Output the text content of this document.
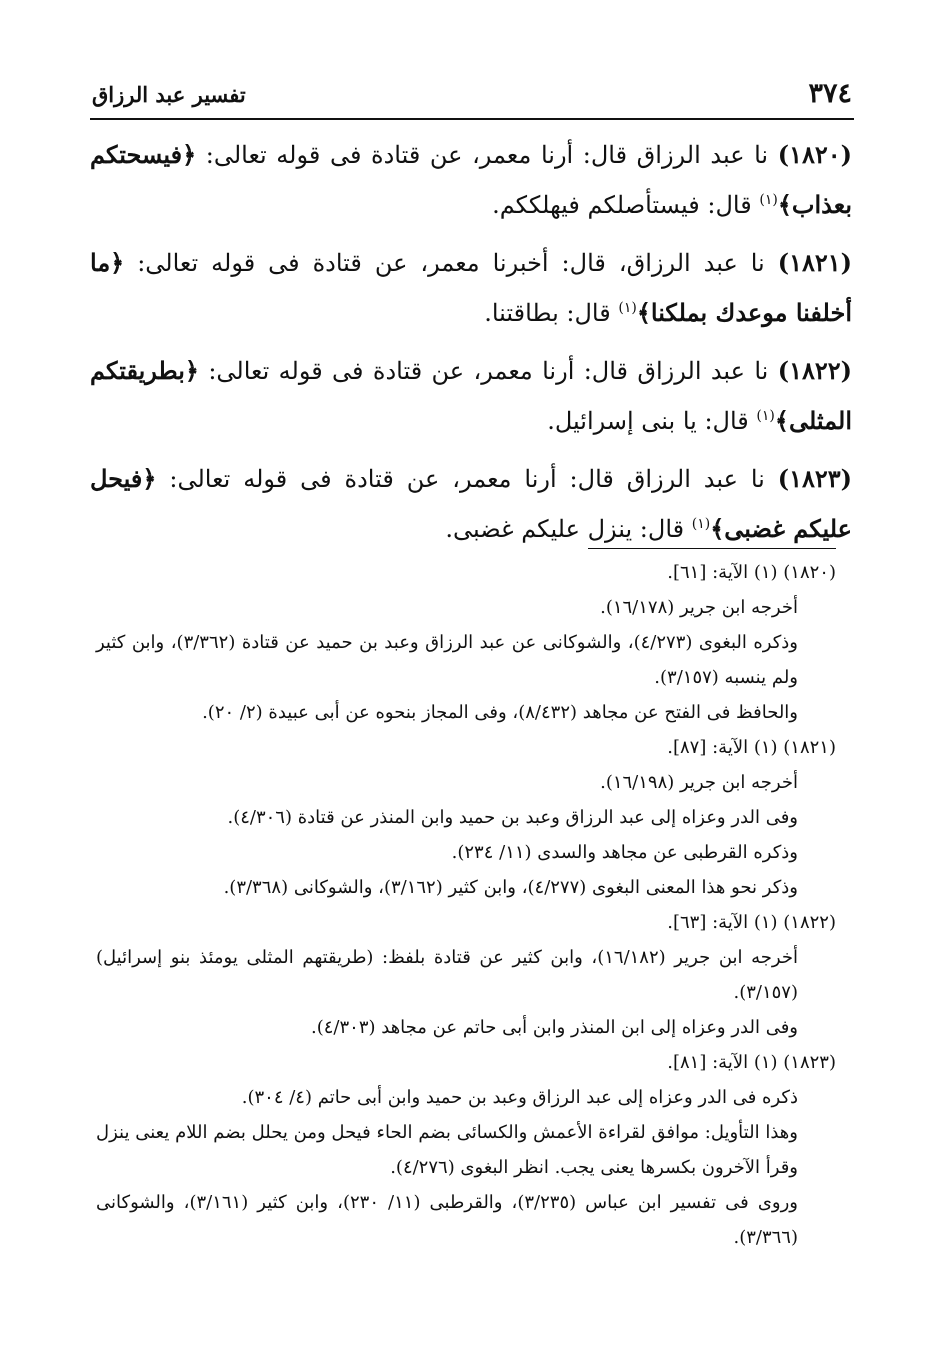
٣٧٤
تفسير عبد الرزاق

(١٨٢٠) نا عبد الرزاق قال: أرنا معمر، عن قتادة فى قوله تعالى: ﴿فيسحتكم بعذاب﴾$^{(١)}$ قال: فيستأصلكم فيهلككم.

(١٨٢١) نا عبد الرزاق، قال: أخبرنا معمر، عن قتادة فى قوله تعالى: ﴿ما أخلفنا موعدك بملكنا﴾$^{(١)}$ قال: بطاقتنا.

(١٨٢٢) نا عبد الرزاق قال: أرنا معمر، عن قتادة فى قوله تعالى: ﴿بطريقتكم المثلى﴾$^{(١)}$ قال: يا بنى إسرائيل.

(١٨٢٣) نا عبد الرزاق قال: أرنا معمر، عن قتادة فى قوله تعالى: ﴿فيحل عليكم غضبى﴾$^{(١)}$ قال: ينزل عليكم غضبى.

(١٨٢٠) (١) الآية: [٦١].

أخرجه ابن جرير (١٦/١٧٨).

وذكره البغوى (٤/٢٧٣)، والشوكانى عن عبد الرزاق وعبد بن حميد عن قتادة (٣/٣٦٢)، وابن كثير ولم ينسبه (٣/١٥٧).

والحافظ فى الفتح عن مجاهد (٨/٤٣٢)، وفى المجاز بنحوه عن أبى عبيدة (٢/ ٢٠).

(١٨٢١) (١) الآية: [٨٧].

أخرجه ابن جرير (١٦/١٩٨).

وفى الدر وعزاه إلى عبد الرزاق وعبد بن حميد وابن المنذر عن قتادة (٤/٣٠٦).

وذكره القرطبى عن مجاهد والسدى (١١/ ٢٣٤).

وذكر نحو هذا المعنى البغوى (٤/٢٧٧)، وابن كثير (٣/١٦٢)، والشوكانى (٣/٣٦٨).

(١٨٢٢) (١) الآية: [٦٣].

أخرجه ابن جرير (١٦/١٨٢)، وابن كثير عن قتادة بلفظ: (طريقتهم المثلى يومئذ بنو إسرائيل) (٣/١٥٧).

وفى الدر وعزاه إلى ابن المنذر وابن أبى حاتم عن مجاهد (٤/٣٠٣).

(١٨٢٣) (١) الآية: [٨١].

ذكره فى الدر وعزاه إلى عبد الرزاق وعبد بن حميد وابن أبى حاتم (٤/ ٣٠٤).

وهذا التأويل: موافق لقراءة الأعمش والكسائى بضم الحاء فيحل ومن يحلل بضم اللام يعنى ينزل وقرأ الآخرون بكسرها يعنى يجب. انظر البغوى (٤/٢٧٦).

وروى فى تفسير ابن عباس (٣/٢٣٥)، والقرطبى (١١/ ٢٣٠)، وابن كثير (٣/١٦١)، والشوكانى (٣/٣٦٦).
